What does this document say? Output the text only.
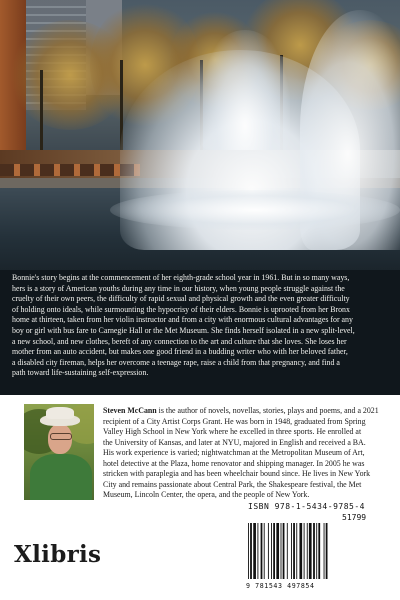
Bonnie's story begins at the commencement of her eighth-grade school year in 1961. But in so many ways,
hers is a story of American youths during any time in our history, when young people struggle against the
cruelty of their own peers, the difficulty of rapid sexual and physical growth and the even greater difficulty
of holding onto ideals, while surmounting the hypocrisy of their elders. Bonnie is uprooted from her Bronx
home at thirteen, taken from her violin instructor and from a city with enormous cultural advantages for any
boy or girl with bus fare to Carnegie Hall or the Met Museum. She finds herself isolated in a new split-level,
a new school, and new clothes, bereft of any connection to the art and culture that she loves. She loses her
mother from an auto accident, but makes one good friend in a budding writer who with her beloved father,
a disabled city fireman, helps her overcome a teenage rape, raise a child from that pregnancy, and find a
path toward life-sustaining self-expression.

Steven McCann is the author of novels, novellas, stories, plays and poems, and a 2021
recipient of a City Artist Corps Grant. He was born in 1948, graduated from Spring
Valley High School in New York where he excelled in three sports. He enrolled at
the University of Kansas, and later at NYU, majored in English and received a BA.
His work experience is varied; nightwatchman at the Metropolitan Museum of Art,
hotel detective at the Plaza, home renovator and shipping manager. In 2005 he was
stricken with paraplegia and has been wheelchair bound since. He lives in New York
City and remains passionate about Central Park, the Shakespeare festival, the Met
Museum, Lincoln Center, the opera, and the people of New York.

Xlibris

ISBN 978-1-5434-9785-4

51799

9 781543 497854
